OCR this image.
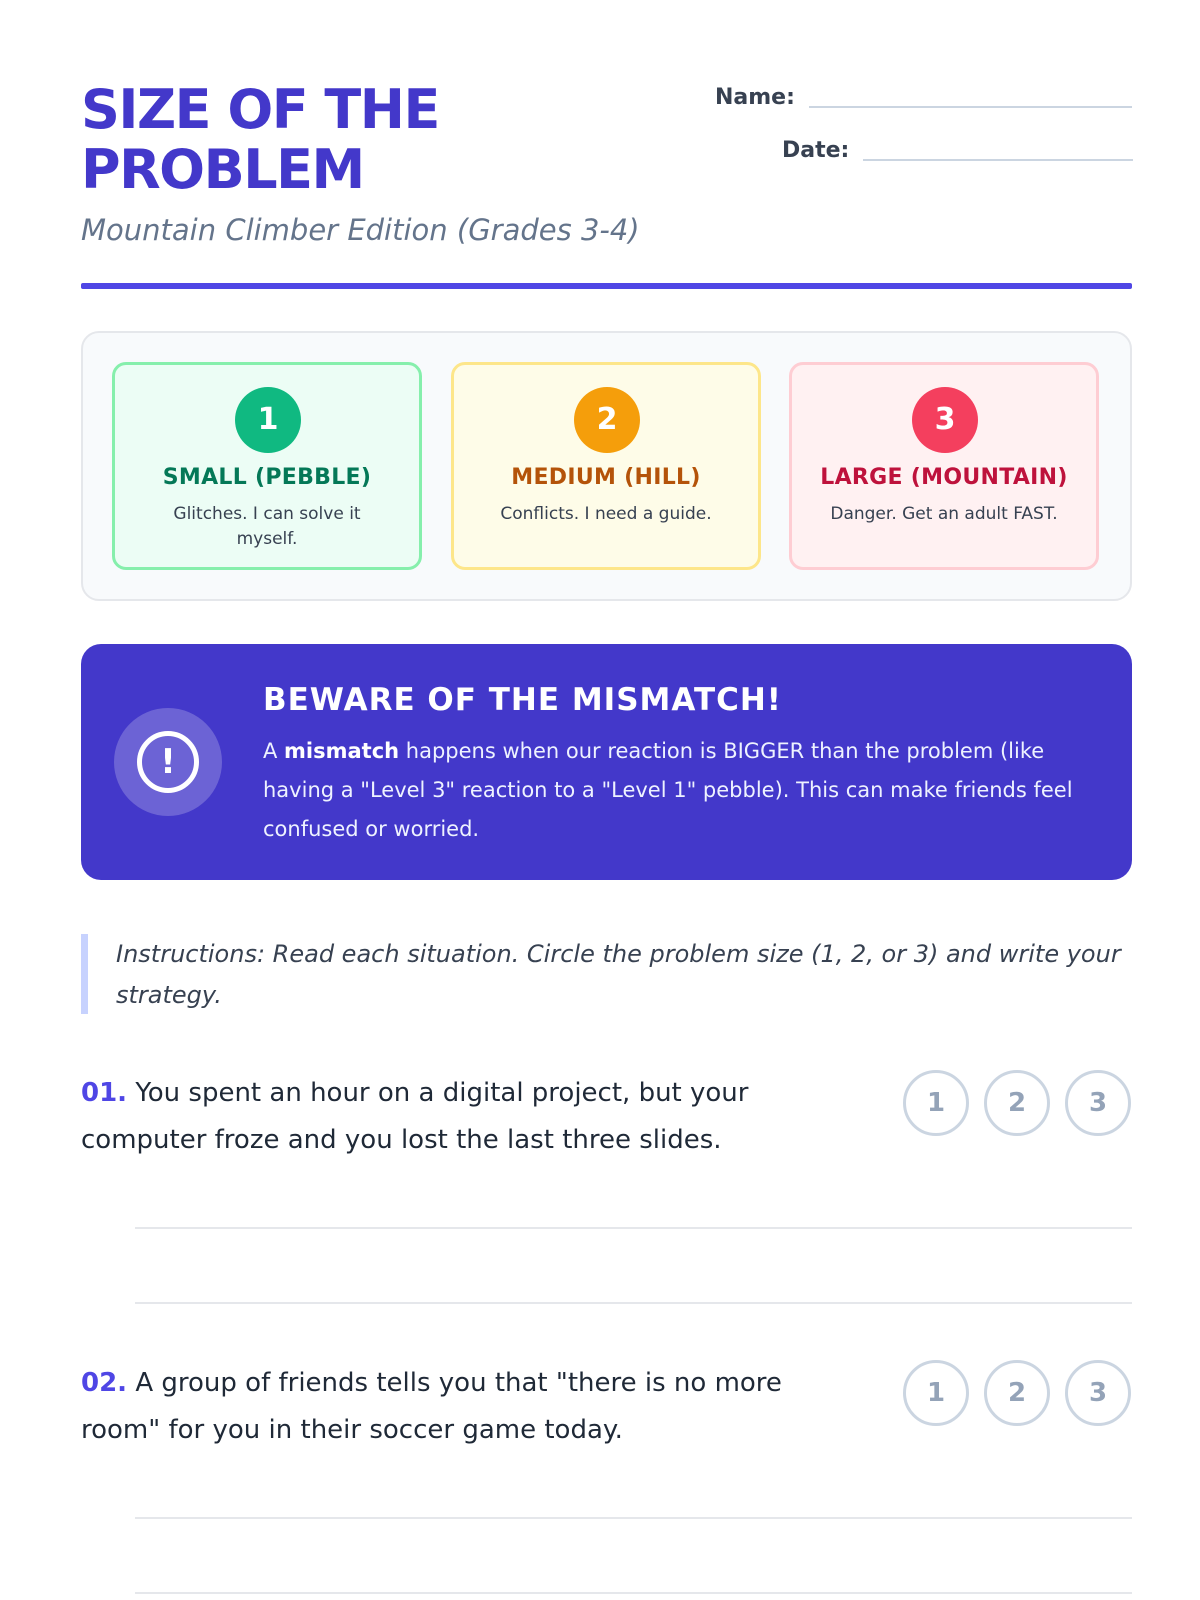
SIZE OF THE PROBLEM
Mountain Climber Edition (Grades 3-4)
Name:
Date:
1
SMALL (PEBBLE)
Glitches. I can solve it myself.
2
MEDIUM (HILL)
Conflicts. I need a guide.
3
LARGE (MOUNTAIN)
Danger. Get an adult FAST.
!
BEWARE OF THE MISMATCH!

A mismatch happens when our reaction is BIGGER than the problem (like having a "Level 3" reaction to a "Level 1" pebble). This can make friends feel confused or worried.

Instructions: Read each situation. Circle the problem size (1, 2, or 3) and write your strategy.

01. You spent an hour on a digital project, but your computer froze and you lost the last three slides.

1	2	3

02. A group of friends tells you that "there is no more room" for you in their soccer game today.

1	2	3
